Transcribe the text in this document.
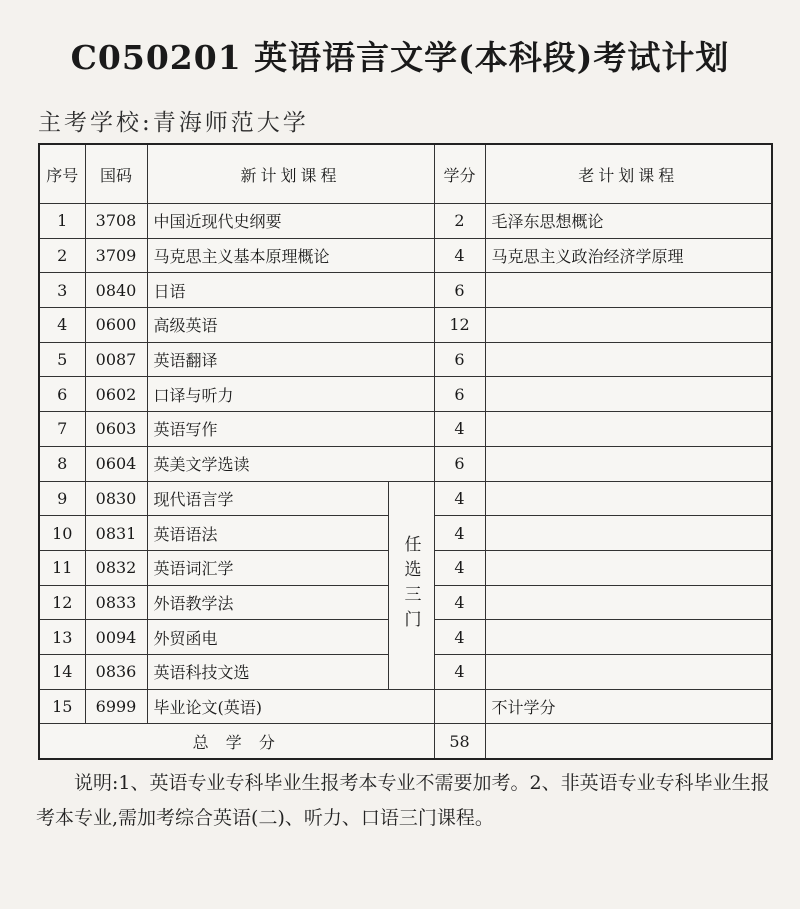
C050201 英语语言文学(本科段)考试计划
主考学校:青海师范大学
序号	国码	新计划课程		学分	老计划课程
1	3708	中国近现代史纲要		2	毛泽东思想概论
2	3709	马克思主义基本原理概论		4	马克思主义政治经济学原理
3	0840	日语		6	
4	0600	高级英语		12	
5	0087	英语翻译		6	
6	0602	口译与听力		6	
7	0603	英语写作		4	
8	0604	英美文学选读		6	
9	0830	现代语言学	任选三门	4	
10	0831	英语语法		4	
11	0832	英语词汇学		4	
12	0833	外语教学法		4	
13	0094	外贸函电		4	
14	0836	英语科技文选		4	
15	6999	毕业论文(英语)			不计学分
总 学 分				58	
说明:1、英语专业专科毕业生报考本专业不需要加考。2、非英语专业专科毕业生报考本专业,需加考综合英语(二)、听力、口语三门课程。
